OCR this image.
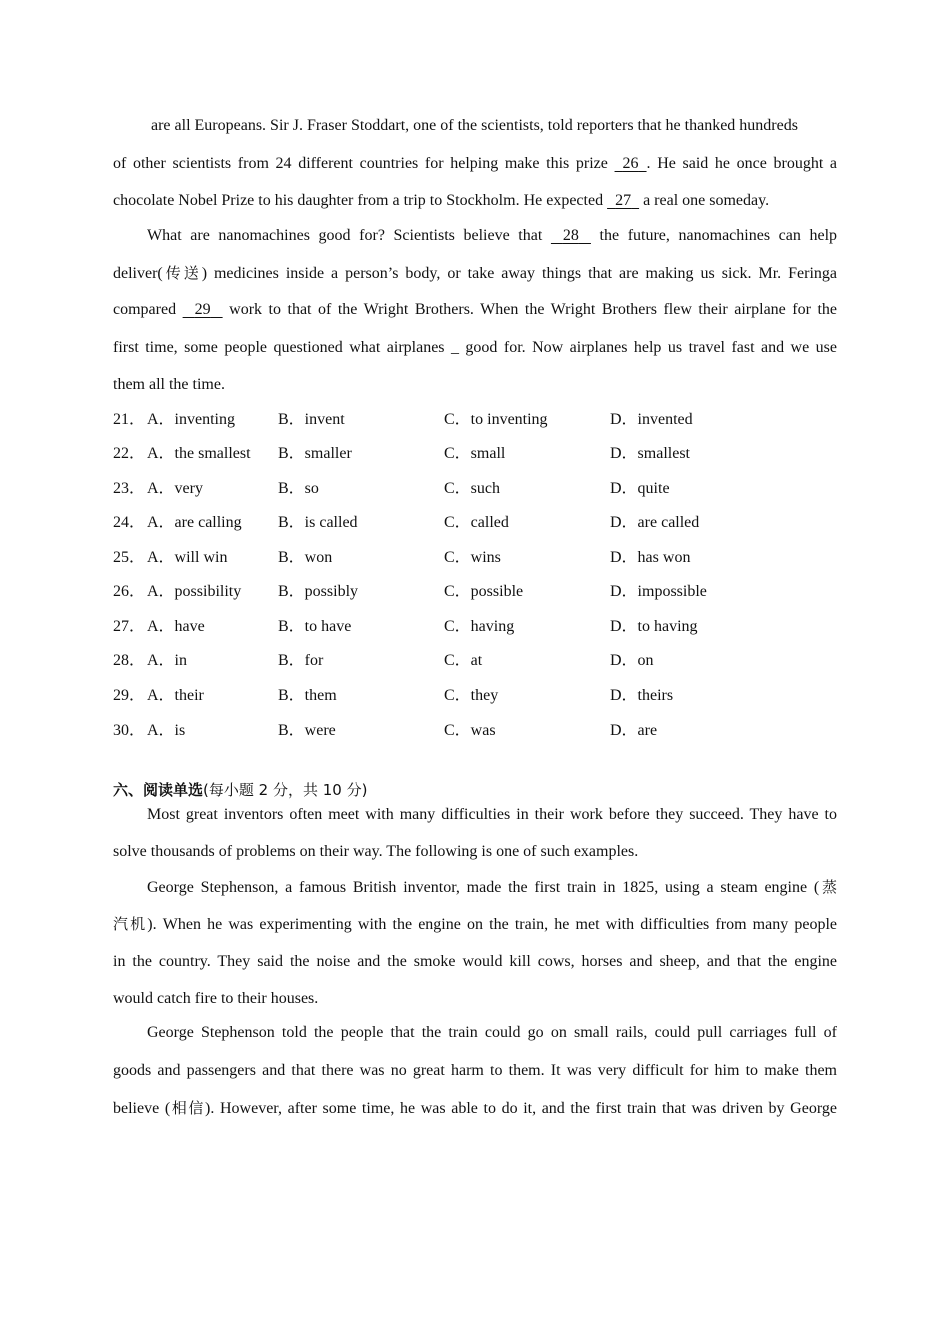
are all Europeans. Sir J. Fraser Stoddart, one of the scientists, told reporters that he thanked hundreds
of other scientists from 24 different countries for helping make this prize 26 . He said he once brought a
chocolate Nobel Prize to his daughter from a trip to Stockholm. He expected 27 a real one someday.
What are nanomachines good for? Scientists believe that 28 the future, nanomachines can help
deliver(传送) medicines inside a person’s body, or take away things that are making us sick. Mr. Feringa
compared 29 work to that of the Wright Brothers. When the Wright Brothers flew their airplane for the
first time, some people questioned what airplanes _ good for. Now airplanes help us travel fast and we use
them all the time.
21． A．inventing	B．invent	C．to inventing	D．invented
22． A．the smallest B．smaller	C．small	D．smallest
23． A．very	B．so	C．such	D．quite
24． A．are calling B．is called	C．called	D．are called
25． A．will win	B．won	C．wins	D．has won
26． A．possibility B．possibly	C．possible	D．impossible
27． A．have	B．to have	C．having	D．to having
28． A．in	B．for	C．at	D．on
29． A．their	B．them	C．they	D．theirs
30． A．is	B．were	C．was	D．are
六、阅读单选(每小题 2 分，共 10 分)
Most great inventors often meet with many difficulties in their work before they succeed. They have to
solve thousands of problems on their way. The following is one of such examples.
George Stephenson, a famous British inventor, made the first train in 1825, using a steam engine (蒸
汽机). When he was experimenting with the engine on the train, he met with difficulties from many people
in the country. They said the noise and the smoke would kill cows, horses and sheep, and that the engine
would catch fire to their houses.
George Stephenson told the people that the train could go on small rails, could pull carriages full of
goods and passengers and that there was no great harm to them. It was very difficult for him to make them
believe (相信). However, after some time, he was able to do it, and the first train that was driven by George
